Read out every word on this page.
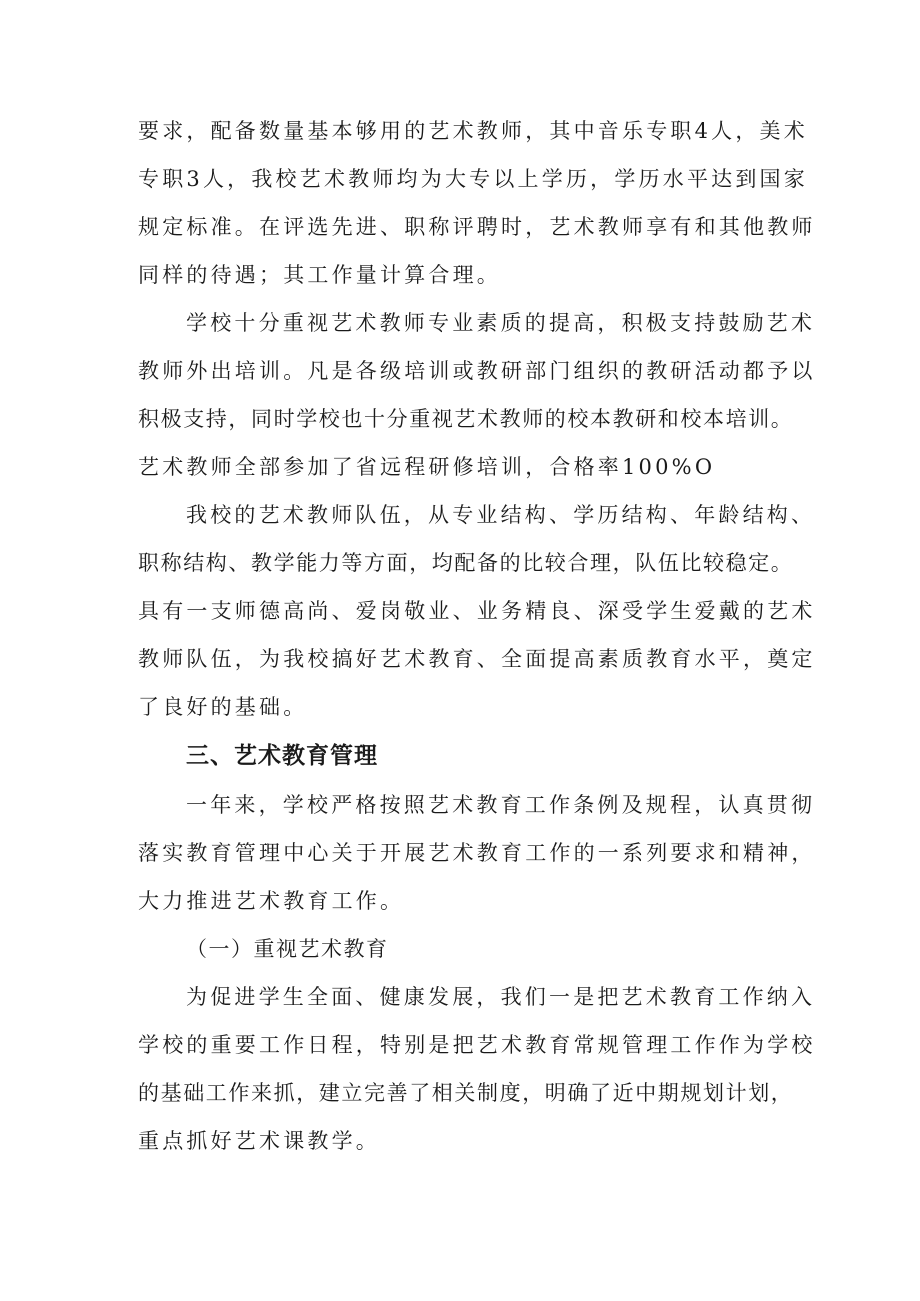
要求，配备数量基本够用的艺术教师，其中音乐专职4人，美术
专职3人，我校艺术教师均为大专以上学历，学历水平达到国家
规定标准。在评选先进、职称评聘时，艺术教师享有和其他教师
同样的待遇；其工作量计算合理。
学校十分重视艺术教师专业素质的提高，积极支持鼓励艺术
教师外出培训。凡是各级培训或教研部门组织的教研活动都予以
积极支持，同时学校也十分重视艺术教师的校本教研和校本培训。
艺术教师全部参加了省远程研修培训，合格率100%O
我校的艺术教师队伍，从专业结构、学历结构、年龄结构、
职称结构、教学能力等方面，均配备的比较合理，队伍比较稳定。
具有一支师德高尚、爱岗敬业、业务精良、深受学生爱戴的艺术
教师队伍，为我校搞好艺术教育、全面提高素质教育水平，奠定
了良好的基础。
三、艺术教育管理
一年来，学校严格按照艺术教育工作条例及规程，认真贯彻
落实教育管理中心关于开展艺术教育工作的一系列要求和精神，
大力推进艺术教育工作。
（一）重视艺术教育
为促进学生全面、健康发展，我们一是把艺术教育工作纳入
学校的重要工作日程，特别是把艺术教育常规管理工作作为学校
的基础工作来抓，建立完善了相关制度，明确了近中期规划计划，
重点抓好艺术课教学。
